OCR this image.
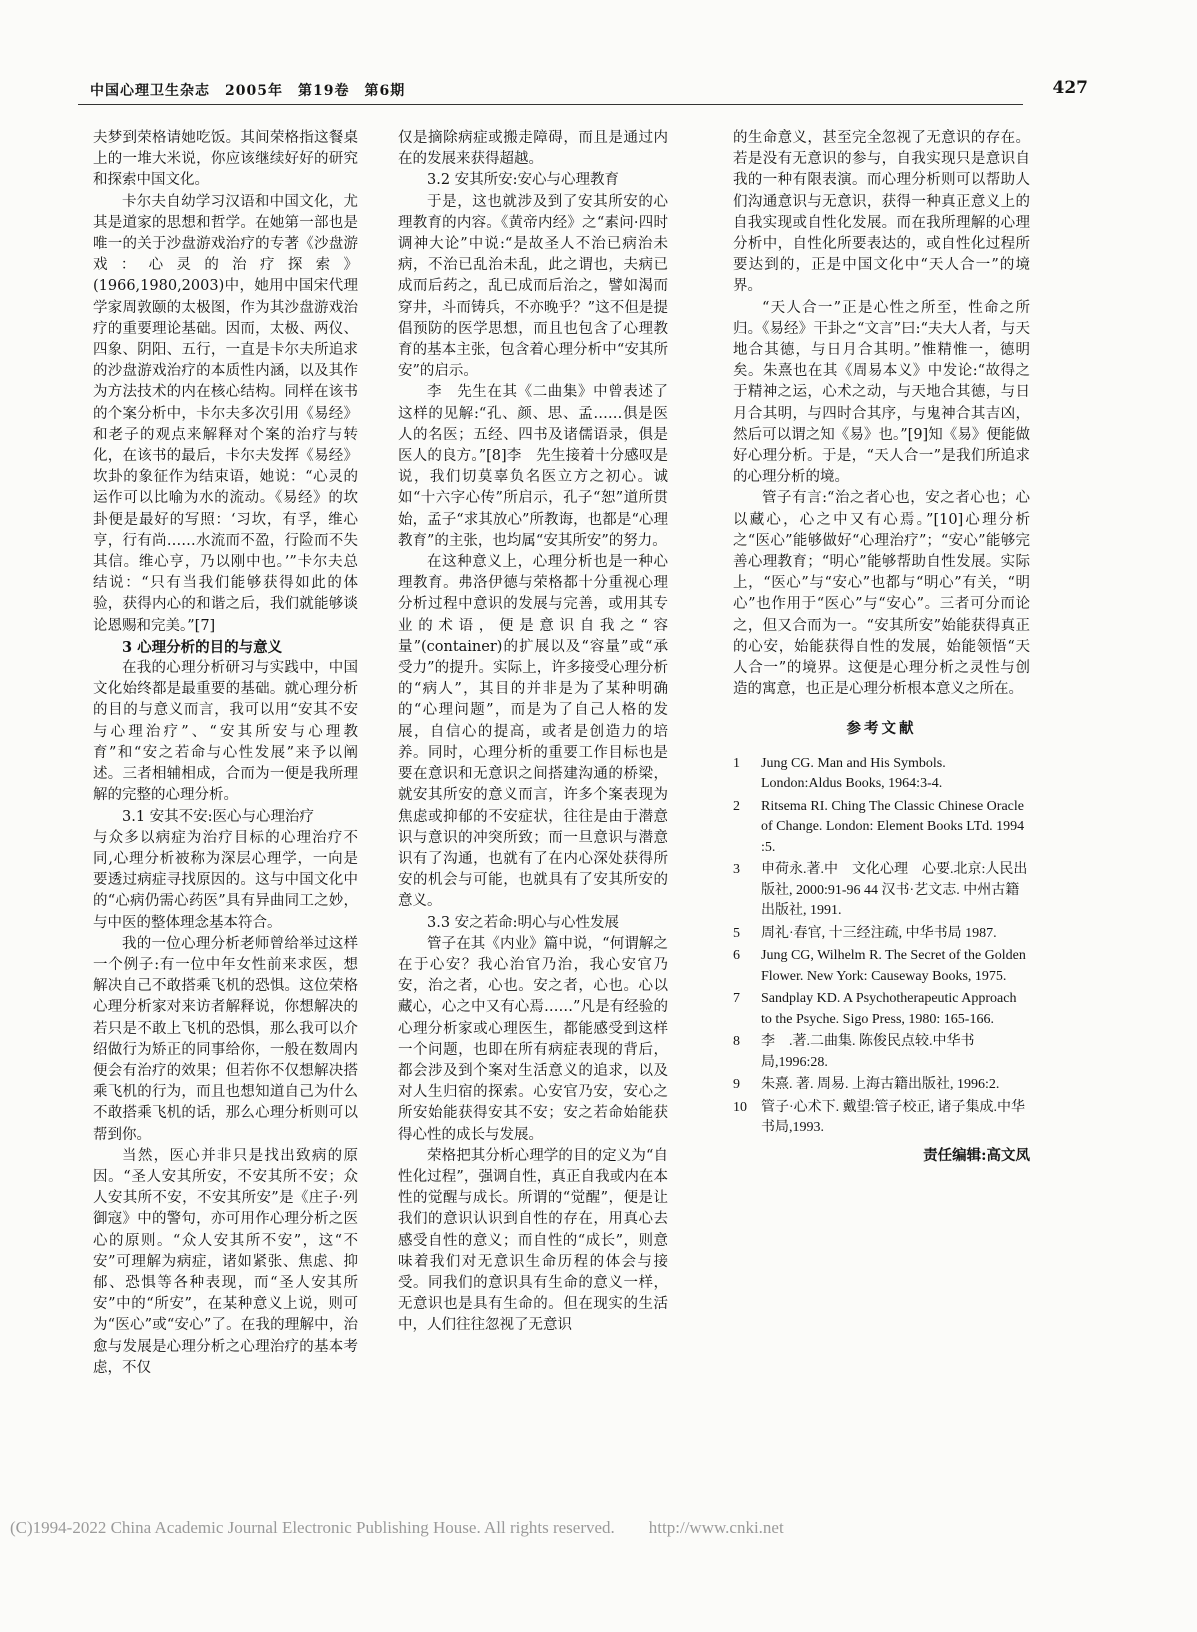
中国心理卫生杂志　2005年　第19卷　第6期	427

夫梦到荣格请她吃饭。其间荣格指这餐桌上的一堆大米说，你应该继续好好的研究和探索中国文化。

卡尔夫自幼学习汉语和中国文化，尤其是道家的思想和哲学。在她第一部也是唯一的关于沙盘游戏治疗的专著《沙盘游戏：心灵的治疗探索》(1966,1980,2003)中，她用中国宋代理学家周敦颐的太极图，作为其沙盘游戏治疗的重要理论基础。因而，太极、两仪、四象、阴阳、五行，一直是卡尔夫所追求的沙盘游戏治疗的本质性内涵，以及其作为方法技术的内在核心结构。同样在该书的个案分析中，卡尔夫多次引用《易经》和老子的观点来解释对个案的治疗与转化，在该书的最后，卡尔夫发挥《易经》坎卦的象征作为结束语，她说：“心灵的运作可以比喻为水的流动。《易经》的坎卦便是最好的写照：‘习坎，有孚，维心亨，行有尚……水流而不盈，行险而不失其信。维心亨，乃以刚中也。’”卡尔夫总结说：“只有当我们能够获得如此的体验，获得内心的和谐之后，我们就能够谈论恩赐和完美。”[7]

3 心理分析的目的与意义

在我的心理分析研习与实践中，中国文化始终都是最重要的基础。就心理分析的目的与意义而言，我可以用“安其不安与心理治疗”、“安其所安与心理教育”和“安之若命与心性发展”来予以阐述。三者相辅相成，合而为一便是我所理解的完整的心理分析。

3.1 安其不安:医心与心理治疗

与众多以病症为治疗目标的心理治疗不同,心理分析被称为深层心理学，一向是要透过病症寻找原因的。这与中国文化中的“心病仍需心药医”具有异曲同工之妙，与中医的整体理念基本符合。

我的一位心理分析老师曾给举过这样一个例子:有一位中年女性前来求医，想解决自己不敢搭乘飞机的恐惧。这位荣格心理分析家对来访者解释说，你想解决的若只是不敢上飞机的恐惧，那么我可以介绍做行为矫正的同事给你，一般在数周内便会有治疗的效果；但若你不仅想解决搭乘飞机的行为，而且也想知道自己为什么不敢搭乘飞机的话，那么心理分析则可以帮到你。

当然，医心并非只是找出致病的原因。“圣人安其所安，不安其所不安；众人安其所不安，不安其所安”是《庄子·列御寇》中的警句，亦可用作心理分析之医心的原则。“众人安其所不安”，这“不安”可理解为病症，诸如紧张、焦虑、抑郁、恐惧等各种表现，而“圣人安其所安”中的“所安”，在某种意义上说，则可为“医心”或“安心”了。在我的理解中，治愈与发展是心理分析之心理治疗的基本考虑，不仅

仅是摘除病症或搬走障碍，而且是通过内在的发展来获得超越。

3.2 安其所安:安心与心理教育

于是，这也就涉及到了安其所安的心理教育的内容。《黄帝内经》之“素问·四时调神大论”中说:“是故圣人不治已病治未病，不治已乱治未乱，此之谓也，夫病已成而后药之，乱已成而后治之，譬如渴而穿井，斗而铸兵，不亦晚乎？”这不但是提倡预防的医学思想，而且也包含了心理教育的基本主张，包含着心理分析中“安其所安”的启示。

李　先生在其《二曲集》中曾表述了这样的见解:“孔、颜、思、孟……俱是医人的名医；五经、四书及诸儒语录，俱是医人的良方。”[8]李　先生接着十分感叹是说，我们切莫辜负名医立方之初心。诚如“十六字心传”所启示，孔子“恕”道所贯始，孟子“求其放心”所教诲，也都是“心理教育”的主张，也均属“安其所安”的努力。

在这种意义上，心理分析也是一种心理教育。弗洛伊德与荣格都十分重视心理分析过程中意识的发展与完善，或用其专业的术语，便是意识自我之“容量”(container)的扩展以及“容量”或“承受力”的提升。实际上，许多接受心理分析的“病人”，其目的并非是为了某种明确的“心理问题”，而是为了自己人格的发展，自信心的提高，或者是创造力的培养。同时，心理分析的重要工作目标也是要在意识和无意识之间搭建沟通的桥梁，就安其所安的意义而言，许多个案表现为焦虑或抑郁的不安症状，往往是由于潜意识与意识的冲突所致；而一旦意识与潜意识有了沟通，也就有了在内心深处获得所安的机会与可能，也就具有了安其所安的意义。

3.3 安之若命:明心与心性发展

管子在其《内业》篇中说，“何谓解之在于心安？我心治官乃治，我心安官乃安，治之者，心也。安之者，心也。心以藏心，心之中又有心焉……”凡是有经验的心理分析家或心理医生，都能感受到这样一个问题，也即在所有病症表现的背后，都会涉及到个案对生活意义的追求，以及对人生归宿的探索。心安官乃安，安心之所安始能获得安其不安；安之若命始能获得心性的成长与发展。

荣格把其分析心理学的目的定义为“自性化过程”，强调自性，真正自我或内在本性的觉醒与成长。所谓的“觉醒”，便是让我们的意识认识到自性的存在，用真心去感受自性的意义；而自性的“成长”，则意味着我们对无意识生命历程的体会与接受。同我们的意识具有生命的意义一样，无意识也是具有生命的。但在现实的生活中，人们往往忽视了无意识

的生命意义，甚至完全忽视了无意识的存在。若是没有无意识的参与，自我实现只是意识自我的一种有限表演。而心理分析则可以帮助人们沟通意识与无意识，获得一种真正意义上的自我实现或自性化发展。而在我所理解的心理分析中，自性化所要表达的，或自性化过程所要达到的，正是中国文化中“天人合一”的境界。

“天人合一”正是心性之所至，性命之所归。《易经》干卦之“文言”曰:“夫大人者，与天地合其德，与日月合其明。”惟精惟一，德明矣。朱熹也在其《周易本义》中发论:“故得之于精神之运，心术之动，与天地合其德，与日月合其明，与四时合其序，与鬼神合其吉凶，然后可以谓之知《易》也。”[9]知《易》便能做好心理分析。于是，“天人合一”是我们所追求的心理分析的境。

管子有言:“治之者心也，安之者心也；心以藏心，心之中又有心焉。”[10]心理分析之“医心”能够做好“心理治疗”；“安心”能够完善心理教育；“明心”能够帮助自性发展。实际上，“医心”与“安心”也都与“明心”有关，“明心”也作用于“医心”与“安心”。三者可分而论之，但又合而为一。“安其所安”始能获得真正的心安，始能获得自性的发展，始能领悟“天人合一”的境界。这便是心理分析之灵性与创造的寓意，也正是心理分析根本意义之所在。

参考文献
1	Jung CG. Man and His Symbols. London:Aldus Books, 1964:3-4.
2	Ritsema RI. Ching The Classic Chinese Oracle of Change. London: Element Books LTd. 1994 :5.
3	申荷永.著.中　文化心理　心要.北京:人民出版社, 2000:91-96 44 汉书·艺文志. 中州古籍出版社, 1991.
5	周礼·春官, 十三经注疏, 中华书局 1987.
6	Jung CG, Wilhelm R. The Secret of the Golden Flower. New York: Causeway Books, 1975.
7	Sandplay KD. A Psychotherapeutic Approach to the Psyche. Sigo Press, 1980: 165-166.
8	李　.著.二曲集. 陈俊民点较.中华书局,1996:28.
9	朱熹. 著. 周易. 上海古籍出版社, 1996:2.
10	管子·心术下. 戴望:管子校正, 诸子集成.中华书局,1993.
责任编辑:高文凤
(C)1994-2022 China Academic Journal Electronic Publishing House. All rights reserved.　　http://www.cnki.net
